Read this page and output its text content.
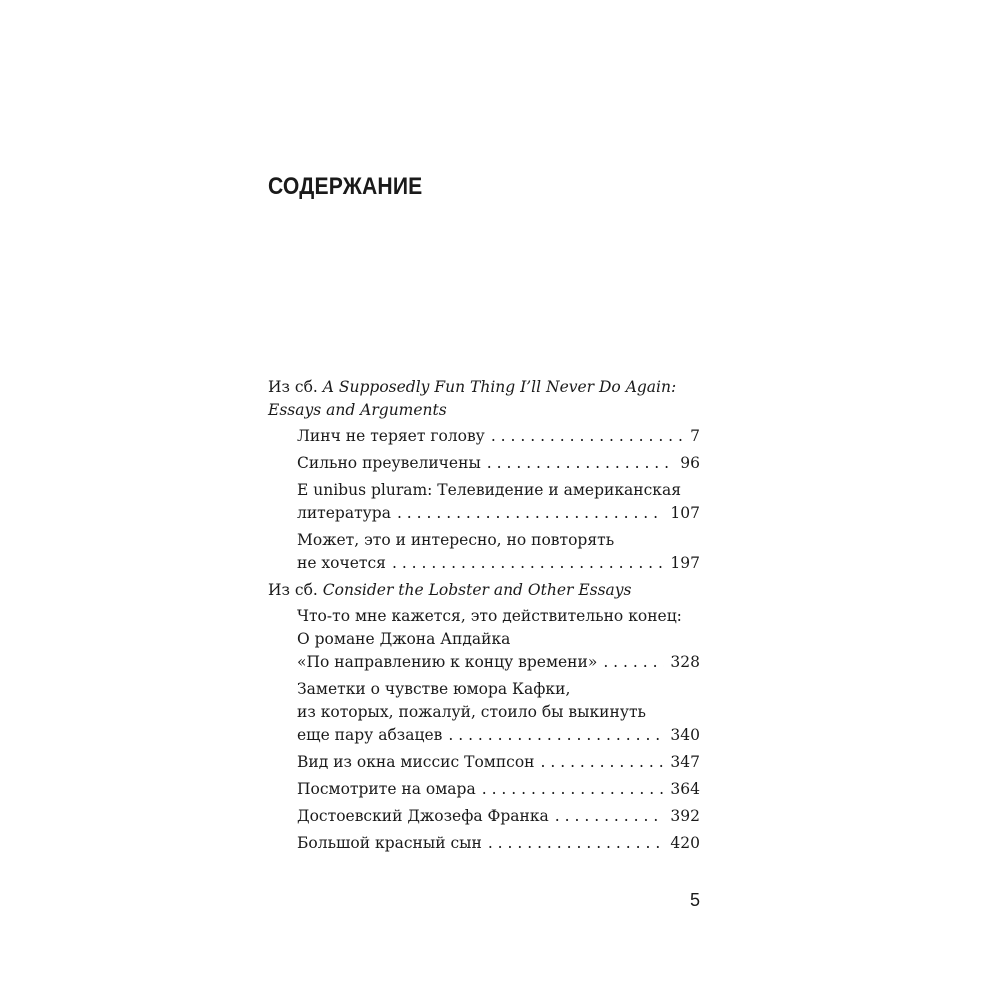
СОДЕРЖАНИЕ
Из сб. A Supposedly Fun Thing I’ll Never Do Again:
Essays and Arguments
Линч не теряет голову . . .	7
Сильно преувеличены . . .	96
E unibus pluram: Телевидение и американская
литература . . .	107
Может, это и интересно, но повторять
не хочется . . .	197
Из сб. Consider the Lobster and Other Essays
Что-то мне кажется, это действительно конец:
О романе Джона Апдайка
«По направлению к концу времени» . . .	328
Заметки о чувстве юмора Кафки,
из которых, пожалуй, стоило бы выкинуть
еще пару абзацев . . .	340
Вид из окна миссис Томпсон . . .	347
Посмотрите на омара . . .	364
Достоевский Джозефа Франка . . .	392
Большой красный сын . . .	420
5
